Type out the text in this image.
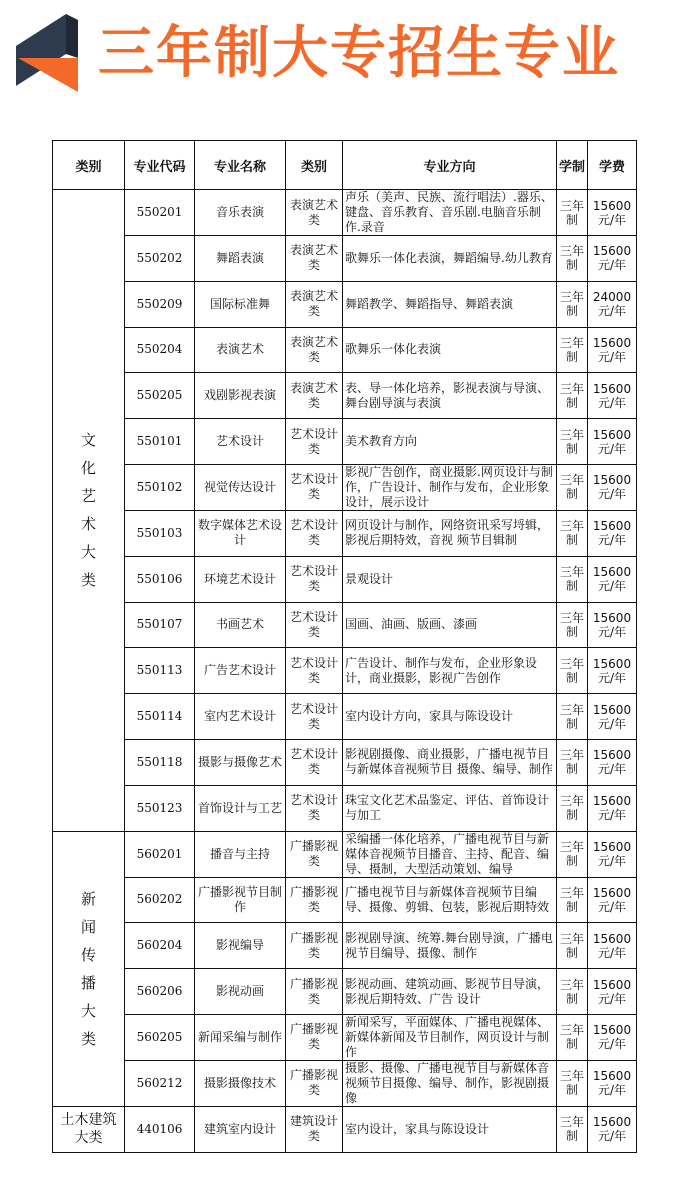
三年制大专招生专业
类别	专业代码	专业名称	类别	专业方向	学制	学费
文化艺术大类	550201	音乐表演	表演艺术类	声乐（美声、民族、流行唱法）.器乐、键盘、音乐教育、音乐剧.电脑音乐制作.录音	三年制	15600元/年
	550202	舞蹈表演	表演艺术类	歌舞乐一体化表演，舞蹈编导.幼儿教育	三年制	15600元/年
	550209	国际标准舞	表演艺术类	舞蹈教学、舞蹈指导、舞蹈表演	三年制	24000元/年
	550204	表演艺术	表演艺术类	歌舞乐一体化表演	三年制	15600元/年
	550205	戏剧影视表演	表演艺术类	表、导一体化培养，影视表演与导演、舞台剧导演与表演	三年制	15600元/年
	550101	艺术设计	艺术设计类	美术教育方向	三年制	15600元/年
	550102	视觉传达设计	艺术设计类	影视广告创作，商业摄影.网页设计与制作，广告设计、制作与发布，企业形象设计，展示设计	三年制	15600元/年
	550103	数字媒体艺术设计	艺术设计类	网页设计与制作，网络资讯采写埒辑，影视后期特效，音视 频节目辑制	三年制	15600元/年
	550106	环境艺术设计	艺术设计类	景观设计	三年制	15600元/年
	550107	书画艺术	艺术设计类	国画、油画、版画、漆画	三年制	15600元/年
	550113	广告艺术设计	艺术设计类	广告设计、制作与发布，企业形象设计，商业摄影，影视广告创作	三年制	15600元/年
	550114	室内艺术设计	艺术设计类	室内设计方向，家具与陈设设计	三年制	15600元/年
	550118	摄影与摄像艺术	艺术设计类	影视剧摄像、商业摄影，广播电视节目与新媒体音视频节目 摄像、编导、制作	三年制	15600元/年
	550123	首饰设计与工艺	艺术设计类	珠宝文化艺术品鉴定、评估、首饰设计与加工	三年制	15600元/年
新闻传播大类	560201	播音与主持	广播影视类	采编播一体化培养，广播电视节目与新媒体音视频节目播音、主持、配音、编导、摄制，大型活动策划、编导	三年制	15600元/年
	560202	广播影视节目制作	广播影视类	广播电视节目与新媒体音视频节目编导、摄像、剪辑、包装，影视后期特效	三年制	15600元/年
	560204	影视编导	广播影视类	影视剧导演、统筹.舞台剧导演，广播电视节目编导、摄像、制作	三年制	15600元/年
	560206	影视动画	广播影视类	影视动画、建筑动画、影视节目导演，影视后期特效、广告 设计	三年制	15600元/年
	560205	新闻采编与制作	广播影视类	新闻采写，平面媒体、广播电视媒体、新媒体新闻及节目制作，网页设计与制作	三年制	15600元/年
	560212	摄影摄像技术	广播影视类	摄影、摄像、广播电视节目与新媒体音视频节目摄像、编导、制作，影视剧摄像	三年制	15600元/年
土木建筑大类	440106	建筑室内设计	建筑设计类	室内设计，家具与陈设设计	三年制	15600元/年
